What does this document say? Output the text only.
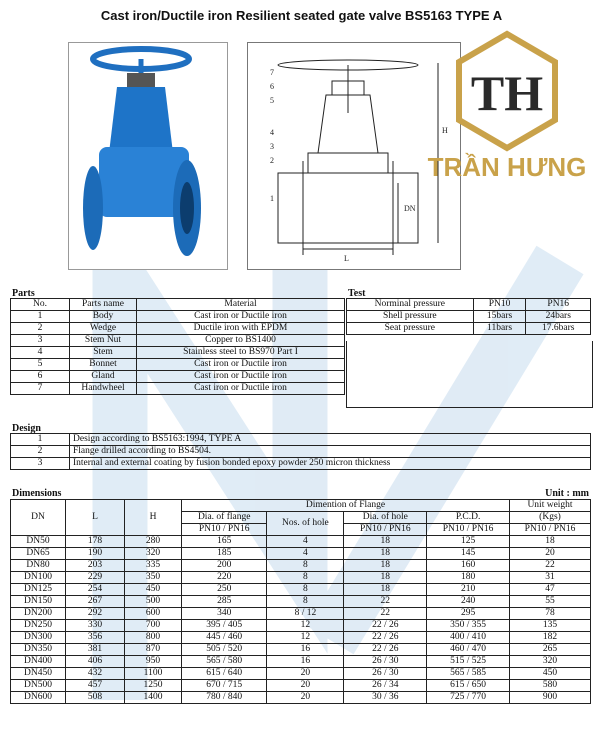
Cast iron/Ductile iron Resilient seated gate valve BS5163 TYPE A
7
6
5
4
3
2
1
H
L
DN
TH
TRẦN HƯNG
Parts
No.	Parts name	Material
1	Body	Cast iron or Ductile iron
2	Wedge	Ductile iron with EPDM
3	Stem Nut	Copper to BS1400
4	Stem	Stainless steel to BS970 Part I
5	Bonnet	Cast iron or Ductile iron
6	Gland	Cast iron or Ductile iron
7	Handwheel	Cast iron or Ductile iron
Test
Norminal pressure	PN10	PN16
Shell pressure	15bars	24bars
Seat pressure	11bars	17.6bars
Design
1	Design according to BS5163:1994, TYPE A
2	Flange drilled according to BS4504.
3	Internal and external coating by fusion bonded epoxy powder 250 micron thickness
Dimensions	Unit : mm
DN	L	H	Dimention of Flange				Unit weight
			Dia. of flange	Nos. of hole	Dia. of hole	P.C.D.	(Kgs)
			PN10 / PN16		PN10 / PN16	PN10 / PN16	PN10 / PN16
DN50	178	280	165	4	18	125	18
DN65	190	320	185	4	18	145	20
DN80	203	335	200	8	18	160	22
DN100	229	350	220	8	18	180	31
DN125	254	450	250	8	18	210	47
DN150	267	500	285	8	22	240	55
DN200	292	600	340	8 / 12	22	295	78
DN250	330	700	395 / 405	12	22 / 26	350 / 355	135
DN300	356	800	445 / 460	12	22 / 26	400 / 410	182
DN350	381	870	505 / 520	16	22 / 26	460 / 470	265
DN400	406	950	565 / 580	16	26 / 30	515 / 525	320
DN450	432	1100	615 / 640	20	26 / 30	565 / 585	450
DN500	457	1250	670 / 715	20	26 / 34	615 / 650	580
DN600	508	1400	780 / 840	20	30 / 36	725 / 770	900
